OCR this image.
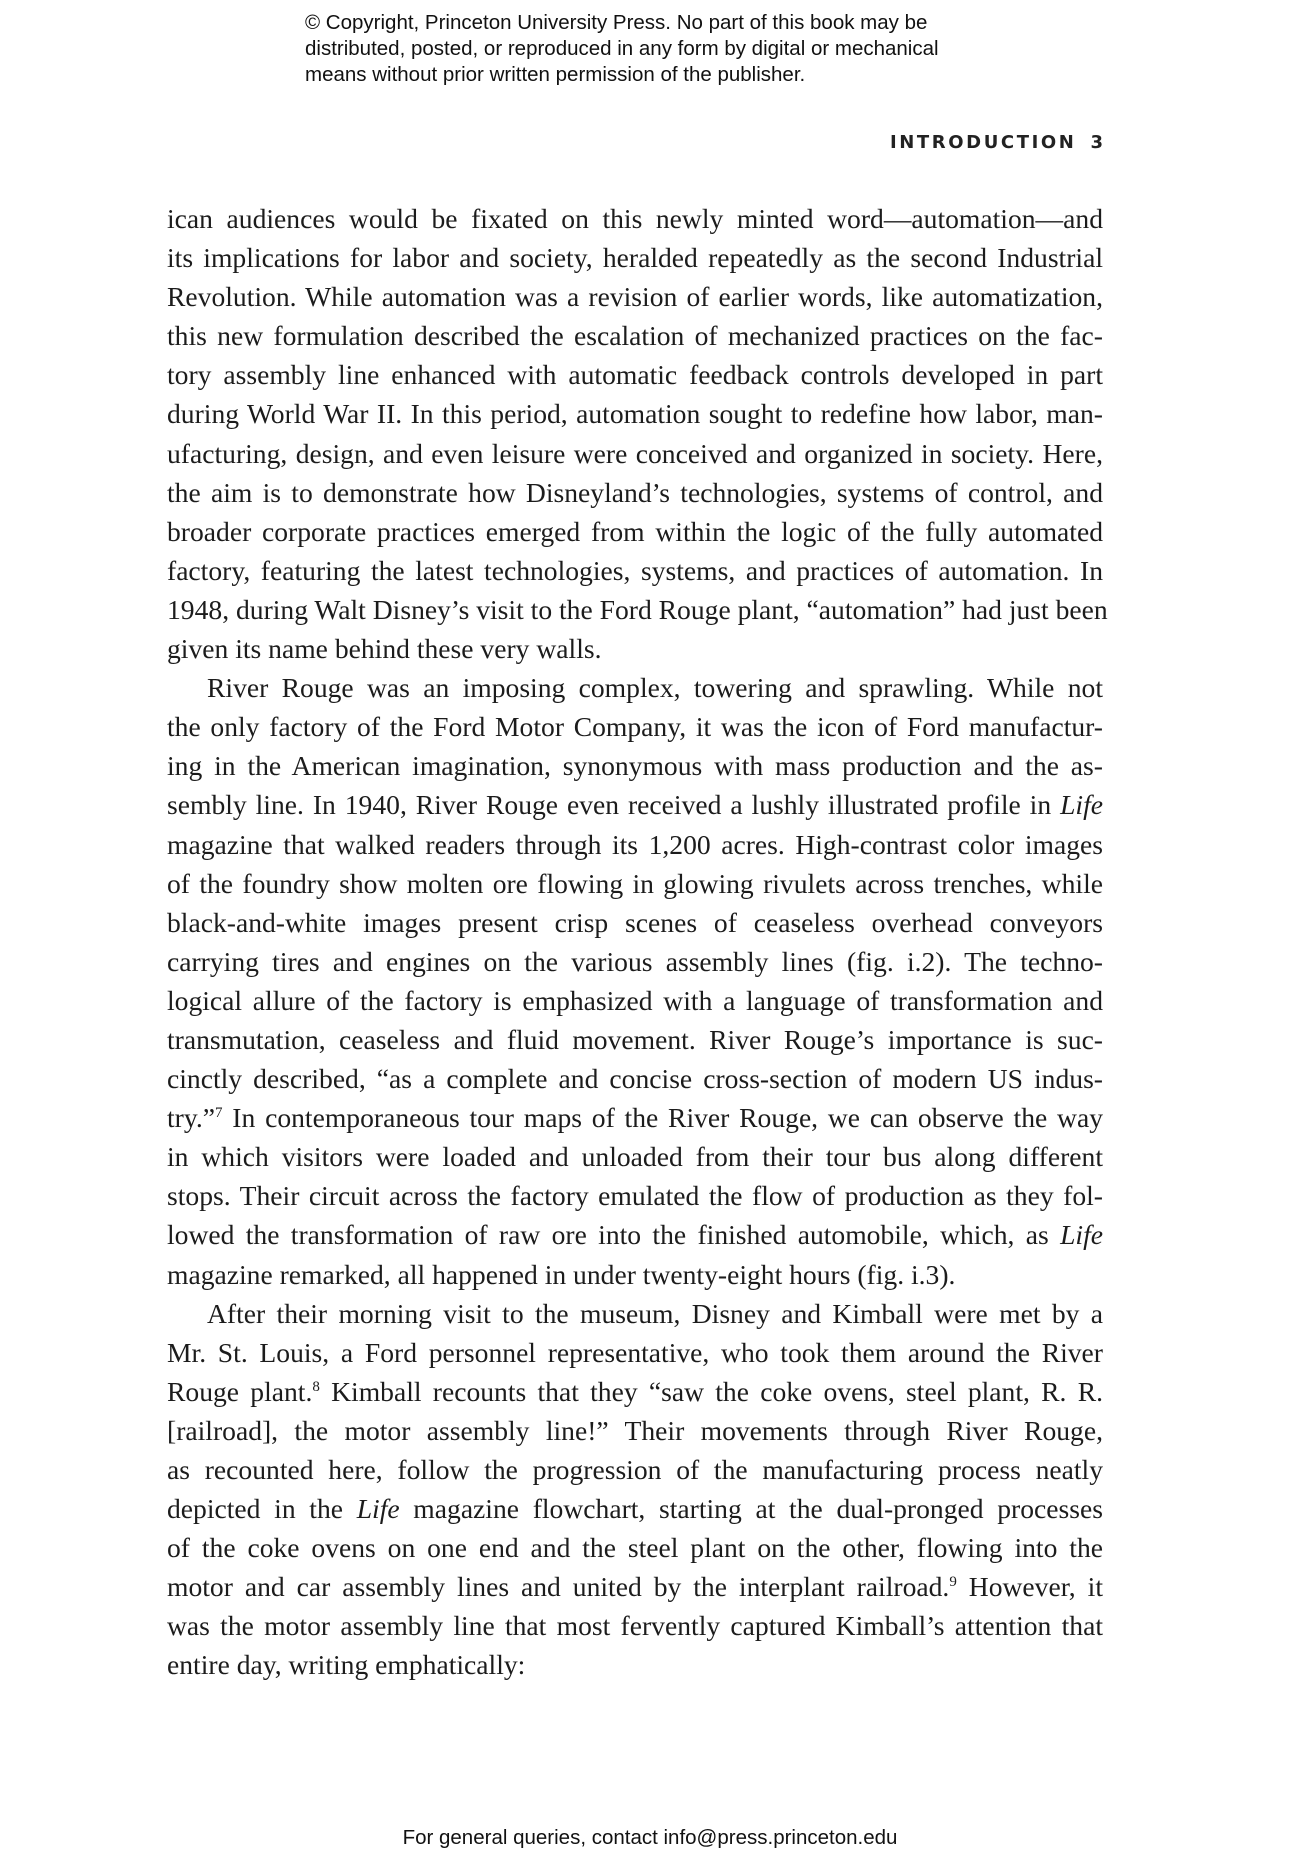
© Copyright, Princeton University Press. No part of this book may be
distributed, posted, or reproduced in any form by digital or mechanical
means without prior written permission of the publisher.
INTRODUCTION 3
ican audiences would be fixated on this newly minted word—automation—and
its implications for labor and society, heralded repeatedly as the second Industrial
Revolution. While automation was a revision of earlier words, like automatization,
this new formulation described the escalation of mechanized practices on the fac-
tory assembly line enhanced with automatic feedback controls developed in part
during World War II. In this period, automation sought to redefine how labor, man-
ufacturing, design, and even leisure were conceived and organized in society. Here,
the aim is to demonstrate how Disneyland’s technologies, systems of control, and
broader corporate practices emerged from within the logic of the fully automated
factory, featuring the latest technologies, systems, and practices of automation. In
1948, during Walt Disney’s visit to the Ford Rouge plant, “automation” had just been
given its name behind these very walls.
River Rouge was an imposing complex, towering and sprawling. While not
the only factory of the Ford Motor Company, it was the icon of Ford manufactur-
ing in the American imagination, synonymous with mass production and the as-
sembly line. In 1940, River Rouge even received a lushly illustrated profile in Life
magazine that walked readers through its 1,200 acres. High-contrast color images
of the foundry show molten ore flowing in glowing rivulets across trenches, while
black-and-white images present crisp scenes of ceaseless overhead conveyors
carrying tires and engines on the various assembly lines (fig. i.2). The techno-
logical allure of the factory is emphasized with a language of transformation and
transmutation, ceaseless and fluid movement. River Rouge’s importance is suc-
cinctly described, “as a complete and concise cross-section of modern US indus-
try.”$^7$ In contemporaneous tour maps of the River Rouge, we can observe the way
in which visitors were loaded and unloaded from their tour bus along different
stops. Their circuit across the factory emulated the flow of production as they fol-
lowed the transformation of raw ore into the finished automobile, which, as Life
magazine remarked, all happened in under twenty-eight hours (fig. i.3).
After their morning visit to the museum, Disney and Kimball were met by a
Mr. St. Louis, a Ford personnel representative, who took them around the River
Rouge plant.$^8$ Kimball recounts that they “saw the coke ovens, steel plant, R. R.
[railroad], the motor assembly line!” Their movements through River Rouge,
as recounted here, follow the progression of the manufacturing process neatly
depicted in the Life magazine flowchart, starting at the dual-pronged processes
of the coke ovens on one end and the steel plant on the other, flowing into the
motor and car assembly lines and united by the interplant railroad.$^9$ However, it
was the motor assembly line that most fervently captured Kimball’s attention that
entire day, writing emphatically:
For general queries, contact info@press.princeton.edu
